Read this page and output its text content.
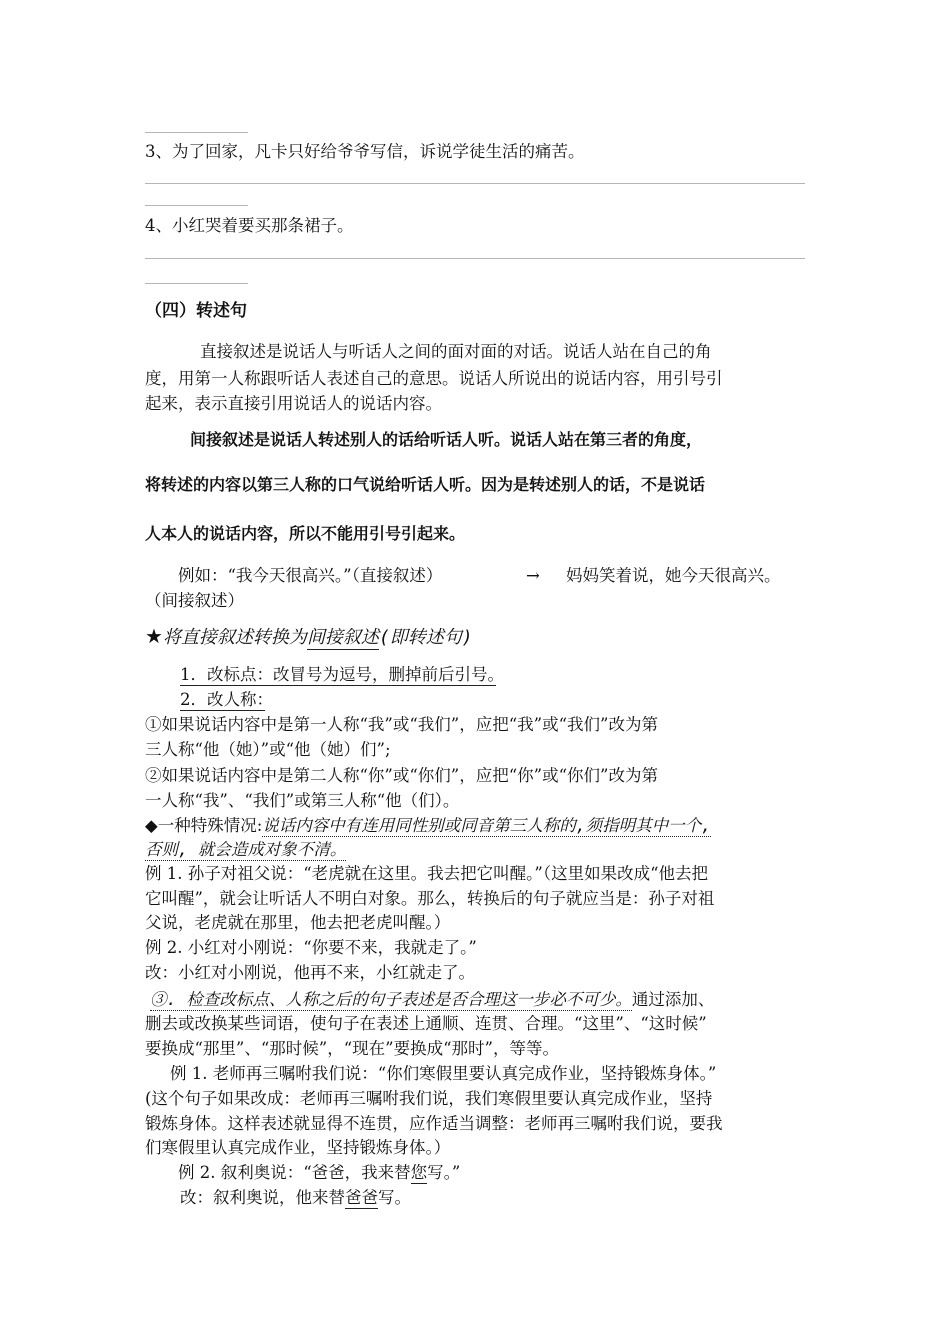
3、为了回家，凡卡只好给爷爷写信，诉说学徒生活的痛苦。
4、小红哭着要买那条裙子。
（四）转述句
直接叙述是说话人与听话人之间的面对面的对话。说话人站在自己的角
度，用第一人称跟听话人表述自己的意思。说话人所说出的说话内容，用引号引
起来，表示直接引用说话人的说话内容。
间接叙述是说话人转述别人的话给听话人听。说话人站在第三者的角度，
将转述的内容以第三人称的口气说给听话人听。因为是转述别人的话，不是说话
人本人的说话内容，所以不能用引号引起来。
例如：“我今天很高兴。”（直接叙述）	→ 妈妈笑着说，她今天很高兴。
（间接叙述）
★将直接叙述转换为间接叙述(即转述句)
1．改标点：改冒号为逗号，删掉前后引号。　
2．改人称：　　
①如果说话内容中是第一人称“我”或“我们”，应把“我”或“我们”改为第
三人称“他（她）”或“他（她）们”;
②如果说话内容中是第二人称“你”或“你们”，应把“你”或“你们”改为第
一人称“我”、“我们”或第三人称“他（们）。
◆一种特殊情况:说话内容中有连用同性别或同音第三人称的,须指明其中一个,
否则, 就会造成对象不清。
例 1. 孙子对祖父说：“老虎就在这里。我去把它叫醒。”（这里如果改成“他去把
它叫醒”，就会让听话人不明白对象。那么，转换后的句子就应当是：孙子对祖
父说，老虎就在那里，他去把老虎叫醒。）
例 2. 小红对小刚说：“你要不来，我就走了。”
改：小红对小刚说，他再不来，小红就走了。
③. 检查改标点、人称之后的句子表述是否合理这一步必不可少。通过添加、
删去或改换某些词语，使句子在表述上通顺、连贯、合理。“这里”、“这时候”
要换成“那里”、“那时候”，“现在”要换成“那时”，等等。
例 1. 老师再三嘱咐我们说：“你们寒假里要认真完成作业，坚持锻炼身体。”
(这个句子如果改成：老师再三嘱咐我们说，我们寒假里要认真完成作业，坚持
锻炼身体。这样表述就显得不连贯，应作适当调整：老师再三嘱咐我们说，要我
们寒假里认真完成作业，坚持锻炼身体。）
例 2. 叙利奥说：“爸爸，我来替您写。”
改：叙利奥说，他来替爸爸写。
